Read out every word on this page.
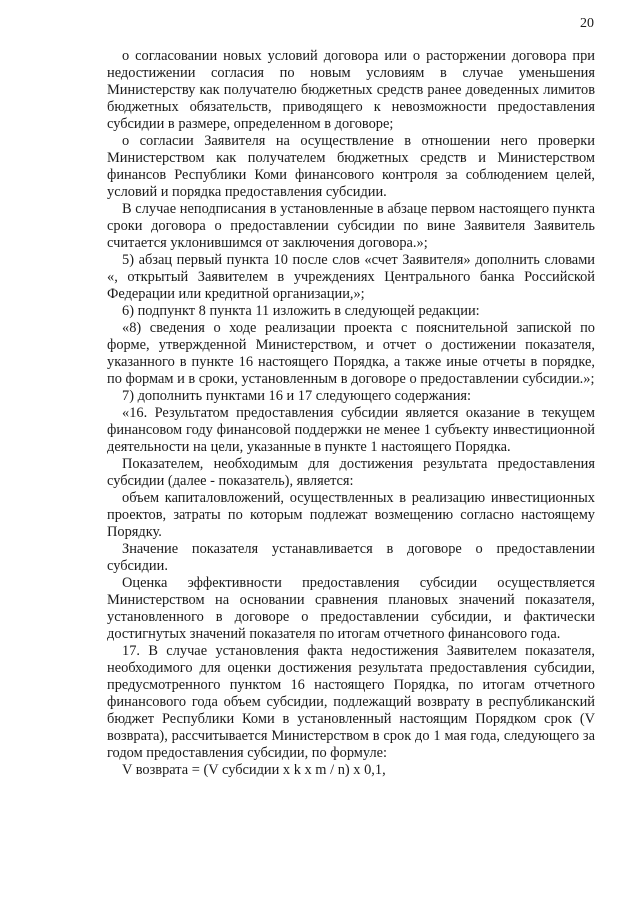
20

о согласовании новых условий договора или о расторжении договора при недостижении согласия по новым условиям в случае уменьшения Министерству как получателю бюджетных средств ранее доведенных лимитов бюджетных обязательств, приводящего к невозможности предоставления субсидии в размере, определенном в договоре;

о согласии Заявителя на осуществление в отношении него проверки Министерством как получателем бюджетных средств и Министерством финансов Республики Коми финансового контроля за соблюдением целей, условий и порядка предоставления субсидии.

В случае неподписания в установленные в абзаце первом настоящего пункта сроки договора о предоставлении субсидии по вине Заявителя Заявитель считается уклонившимся от заключения договора.»;

5) абзац первый пункта 10 после слов «счет Заявителя» дополнить словами «, открытый Заявителем в учреждениях Центрального банка Российской Федерации или кредитной организации,»;

6) подпункт 8 пункта 11 изложить в следующей редакции:

«8) сведения о ходе реализации проекта с пояснительной запиской по форме, утвержденной Министерством, и отчет о достижении показателя, указанного в пункте 16 настоящего Порядка, а также иные отчеты в порядке, по формам и в сроки, установленным в договоре о предоставлении субсидии.»;

7) дополнить пунктами 16 и 17 следующего содержания:

«16. Результатом предоставления субсидии является оказание в текущем финансовом году финансовой поддержки не менее 1 субъекту инвестиционной деятельности на цели, указанные в пункте 1 настоящего Порядка.

Показателем, необходимым для достижения результата предоставления субсидии (далее - показатель), является:

объем капиталовложений, осуществленных в реализацию инвестиционных проектов, затраты по которым подлежат возмещению согласно настоящему Порядку.

Значение показателя устанавливается в договоре о предоставлении субсидии.

Оценка эффективности предоставления субсидии осуществляется Министерством на основании сравнения плановых значений показателя, установленного в договоре о предоставлении субсидии, и фактически достигнутых значений показателя по итогам отчетного финансового года.

17. В случае установления факта недостижения Заявителем показателя, необходимого для оценки достижения результата предоставления субсидии, предусмотренного пунктом 16 настоящего Порядка, по итогам отчетного финансового года объем субсидии, подлежащий возврату в республиканский бюджет Республики Коми в установленный настоящим Порядком срок (V возврата), рассчитывается Министерством в срок до 1 мая года, следующего за годом предоставления субсидии, по формуле:

V возврата = (V субсидии x k x m / n) x 0,1,
